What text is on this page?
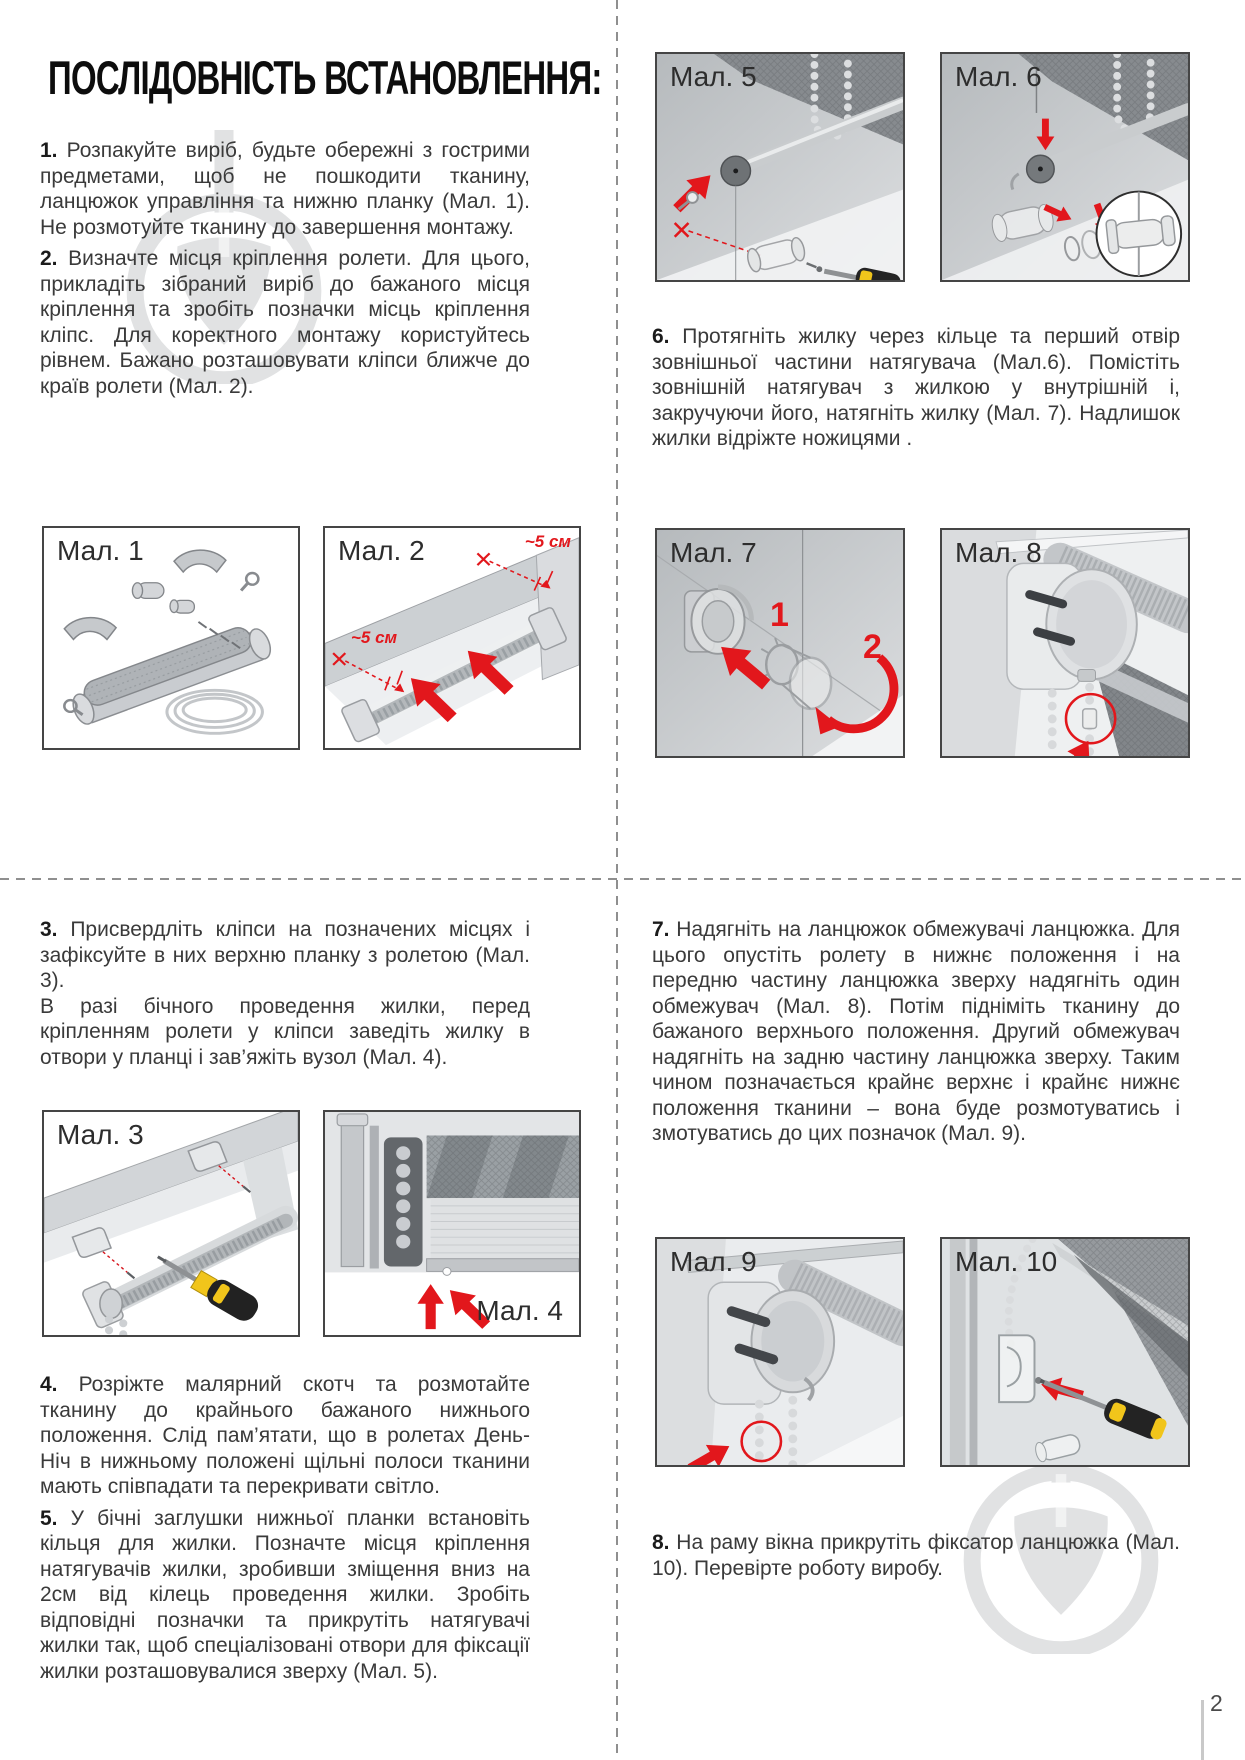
ПОСЛІДОВНІСТЬ ВСТАНОВЛЕННЯ:

1. Розпакуйте виріб, будьте обережні з гострими предметами, щоб не пошкодити тканину, ланцюжок управління та нижню планку (Мал. 1). Не розмотуйте тканину до завершення монтажу.

2. Визначте місця кріплення ролети. Для цього, прикладіть зібраний виріб до бажаного місця кріплення та зробіть позначки місць кріплення кліпс. Для коректного монтажу користуйтесь рівнем. Бажано розташовувати кліпси ближче до країв ролети (Мал. 2).

6. Протягніть жилку через кільце та перший отвір зовнішньої частини натягувача (Мал.6). Помістіть зовнішній натягувач з жилкою у внутрішній і, закручуючи його, натягніть жилку (Мал. 7). Надлишок жилки відріжте ножицями .

3. Присвердліть кліпси на позначених місцях і зафіксуйте в них верхню планку з ролетою (Мал. 3).
В разі бічного проведення жилки, перед кріпленням ролети у кліпси заведіть жилку в отвори у планці і зав’яжіть вузол (Мал. 4).

4. Розріжте малярний скотч та розмотайте тканину до крайнього бажаного нижнього положення. Слід пам’ятати, що в ролетах День-Ніч в нижньому положені щільні полоси тканини мають співпадати та перекривати світло.

5. У бічні заглушки нижньої планки встановіть кільця для жилки. Позначте місця кріплення натягувачів жилки, зробивши зміщення вниз на 2см від кілець проведення жилки. Зробіть відповідні позначки та прикрутіть натягувачі жилки так, щоб спеціалізовані отвори для фіксації жилки розташовувалися зверху (Мал. 5).

7. Надягніть на ланцюжок обмежувачі ланцюжка. Для цього опустіть ролету в нижнє положення і на передню частину ланцюжка зверху надягніть один обмежувач (Мал. 8). Потім підніміть тканину до бажаного верхнього положення. Другий обмежувач надягніть на задню частину ланцюжка зверху. Таким чином позначається крайнє верхнє і крайнє нижнє положення тканини – вона буде розмотуватись і змотуватись до цих позначок (Мал. 9).

8. На раму вікна прикрутіть фіксатор ланцюжка (Мал. 10). Перевірте роботу виробу.

Мал. 1	Мал. 2	~5 см
~5 см
Мал. 3
Мал. 4
Мал. 5	Мал. 6
Мал. 7
1
2
Мал. 8
Мал. 9	Мал. 10
2
